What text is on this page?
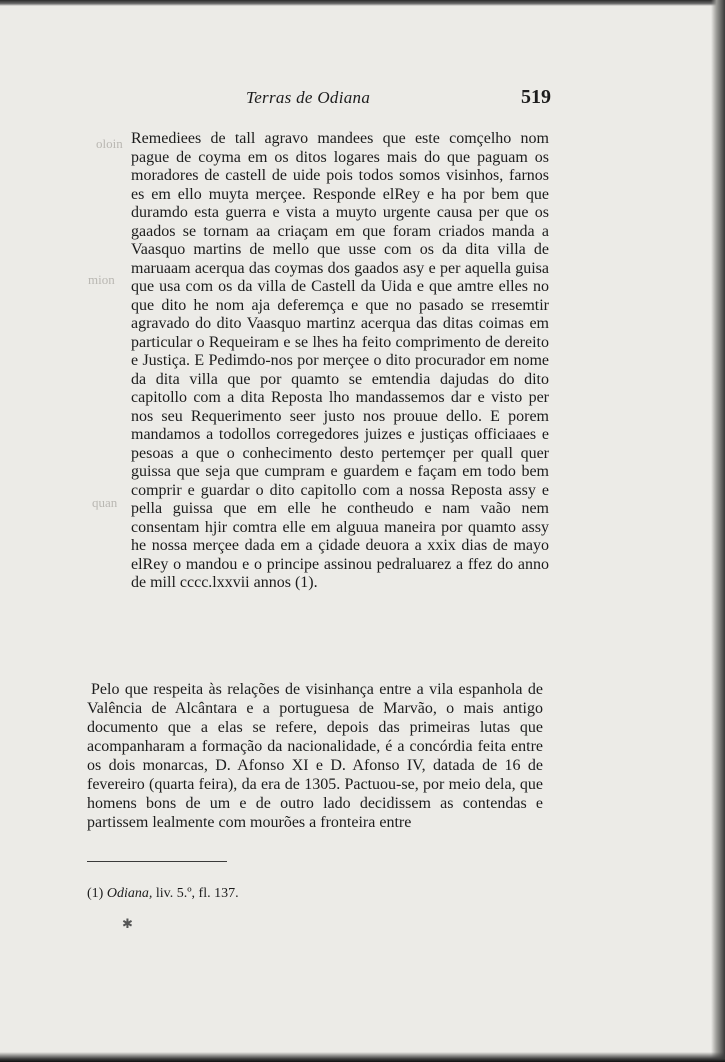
oloin
mion
quan
Terras de Odiana	519

Remediees de tall agravo mandees que este comçelho nom pague de coyma em os ditos logares mais do que paguam os moradores de castell de uide pois todos somos visinhos, farnos es em ello muyta merçee. Responde elRey e ha por bem que duramdo esta guerra e vista a muyto urgente causa per que os gaados se tornam aa criaçam em que foram criados manda a Vaasquo martins de mello que usse com os da dita villa de maruaam acerqua das coymas dos gaados asy e per aquella guisa que usa com os da villa de Castell da Uida e que amtre elles no que dito he nom aja deferemça e que no pasado se rresemtir agravado do dito Vaasquo martinz acerqua das ditas coimas em particular o Requeiram e se lhes ha feito comprimento de dereito e Justiça. E Pedimdo-nos por merçee o dito procurador em nome da dita villa que por quamto se emtendia dajudas do dito capitollo com a dita Reposta lho mandassemos dar e visto per nos seu Requerimento seer justo nos prouue dello. E porem mandamos a todollos corregedores juizes e justiças officiaaes e pesoas a que o conhecimento desto pertemçer per quall quer guissa que seja que cumpram e guardem e façam em todo bem comprir e guardar o dito capitollo com a nossa Reposta assy e pella guissa que em elle he contheudo e nam vaão nem consentam hjir comtra elle em alguua maneira por quamto assy he nossa merçee dada em a çidade deuora a xxix dias de mayo elRey o mandou e o principe assinou pedraluarez a ffez do anno de mill cccc.lxxvii annos (1).

Pelo que respeita às relações de visinhança entre a vila espanhola de Valência de Alcântara e a portuguesa de Marvão, o mais antigo documento que a elas se refere, depois das primeiras lutas que acompanharam a formação da nacionalidade, é a concórdia feita entre os dois monarcas, D. Afonso XI e D. Afonso IV, datada de 16 de fevereiro (quarta feira), da era de 1305. Pactuou-se, por meio dela, que homens bons de um e de outro lado decidissem as contendas e partissem lealmente com mourões a fronteira entre

(1) Odiana, liv. 5.º, fl. 137.
✱
